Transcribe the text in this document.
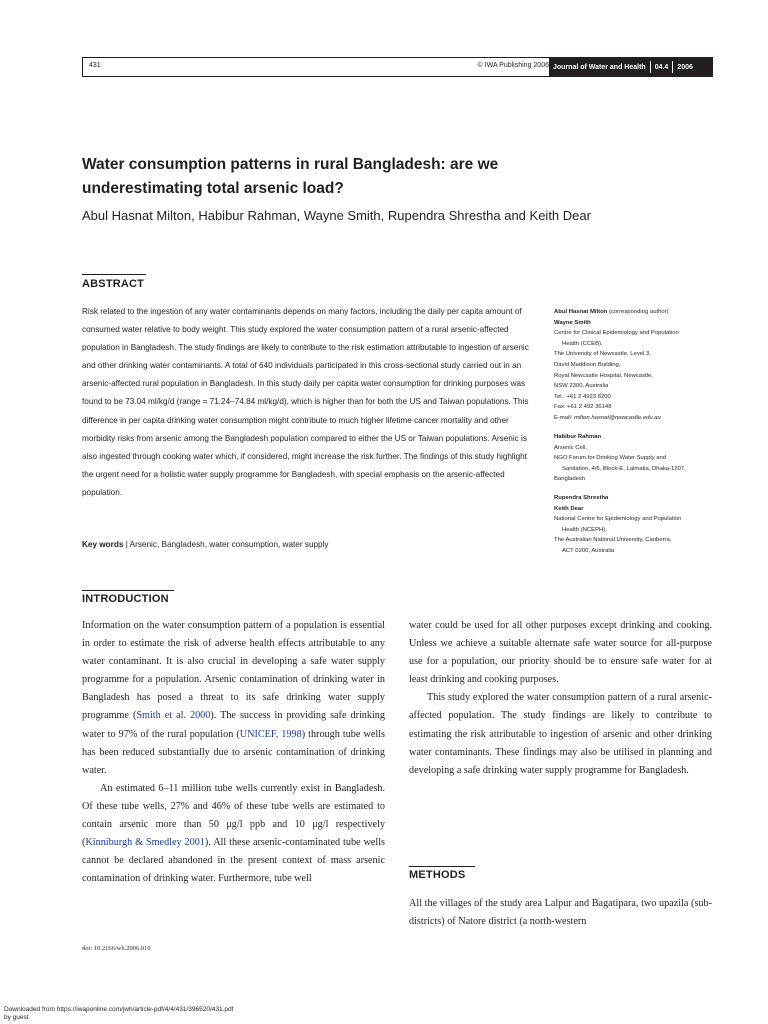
431	© IWA Publishing 2006 Journal of Water and Health	04.4	2006
Water consumption patterns in rural Bangladesh: are we
underestimating total arsenic load?
Abul Hasnat Milton, Habibur Rahman, Wayne Smith, Rupendra Shrestha and Keith Dear
ABSTRACT

Risk related to the ingestion of any water contaminants depends on many factors, including the daily per capita amount of consumed water relative to body weight. This study explored the water consumption pattern of a rural arsenic-affected population in Bangladesh. The study findings are likely to contribute to the risk estimation attributable to ingestion of arsenic and other drinking water contaminants. A total of 640 individuals participated in this cross-sectional study carried out in an arsenic-affected rural population in Bangladesh. In this study daily per capita water consumption for drinking purposes was found to be 73.04 ml/kg/d (range = 71.24–74.84 ml/kg/d), which is higher than for both the US and Taiwan populations. This difference in per capita drinking water consumption might contribute to much higher lifetime cancer mortality and other morbidity risks from arsenic among the Bangladesh population compared to either the US or Taiwan populations. Arsenic is also ingested through cooking water which, if considered, might increase the risk further. The findings of this study highlight the urgent need for a holistic water supply programme for Bangladesh, with special emphasis on the arsenic-affected population.

Key words | Arsenic, Bangladesh, water consumption, water supply
Abul Hasnat Milton (corresponding author)
Wayne Smith
Centre for Clinical Epidemiology and Population
Health (CCEB),
The University of Newcastle, Level 3,
David Maddison Building,
Royal Newcastle Hospital, Newcastle,
NSW 2300, Australia
Tel.: +61 2 4923 6200
Fax: +61 2 492 36148
E-mail: milton.hasnat@newcastle.edu.au
Habibur Rahman
Arsenic Cell,
NGO Forum for Drinking Water Supply and
Sanitation, 4/6, Block-E, Lalmatia, Dhaka-1207,
Bangladesh
Rupendra Shrestha
Keith Dear
National Centre for Epidemiology and Population
Health (NCEPH),
The Australian National University, Canberra,
ACT 0200, Australia
INTRODUCTION

Information on the water consumption pattern of a population is essential in order to estimate the risk of adverse health effects attributable to any water contaminant. It is also crucial in developing a safe water supply programme for a population. Arsenic contamination of drinking water in Bangladesh has posed a threat to its safe drinking water supply programme (Smith et al. 2000). The success in providing safe drinking water to 97% of the rural population (UNICEF, 1998) through tube wells has been reduced substantially due to arsenic contamination of drinking water.

An estimated 6–11 million tube wells currently exist in Bangladesh. Of these tube wells, 27% and 46% of these tube wells are estimated to contain arsenic more than 50 μg/l ppb and 10 μg/l respectively (Kinniburgh & Smedley 2001). All these arsenic-contaminated tube wells cannot be declared abandoned in the present context of mass arsenic contamination of drinking water. Furthermore, tube well

water could be used for all other purposes except drinking and cooking. Unless we achieve a suitable alternate safe water source for all-purpose use for a population, our priority should be to ensure safe water for at least drinking and cooking purposes.

This study explored the water consumption pattern of a rural arsenic-affected population. The study findings are likely to contribute to estimating the risk attributable to ingestion of arsenic and other drinking water contaminants. These findings may also be utilised in planning and developing a safe drinking water supply programme for Bangladesh.

METHODS

All the villages of the study area Lalpur and Bagatipara, two upazila (sub-districts) of Natore district (a north-western

doi: 10.2166/wh.2006.010
Downloaded from https://iwaponline.com/jwh/article-pdf/4/4/431/396520/431.pdf
by guest
